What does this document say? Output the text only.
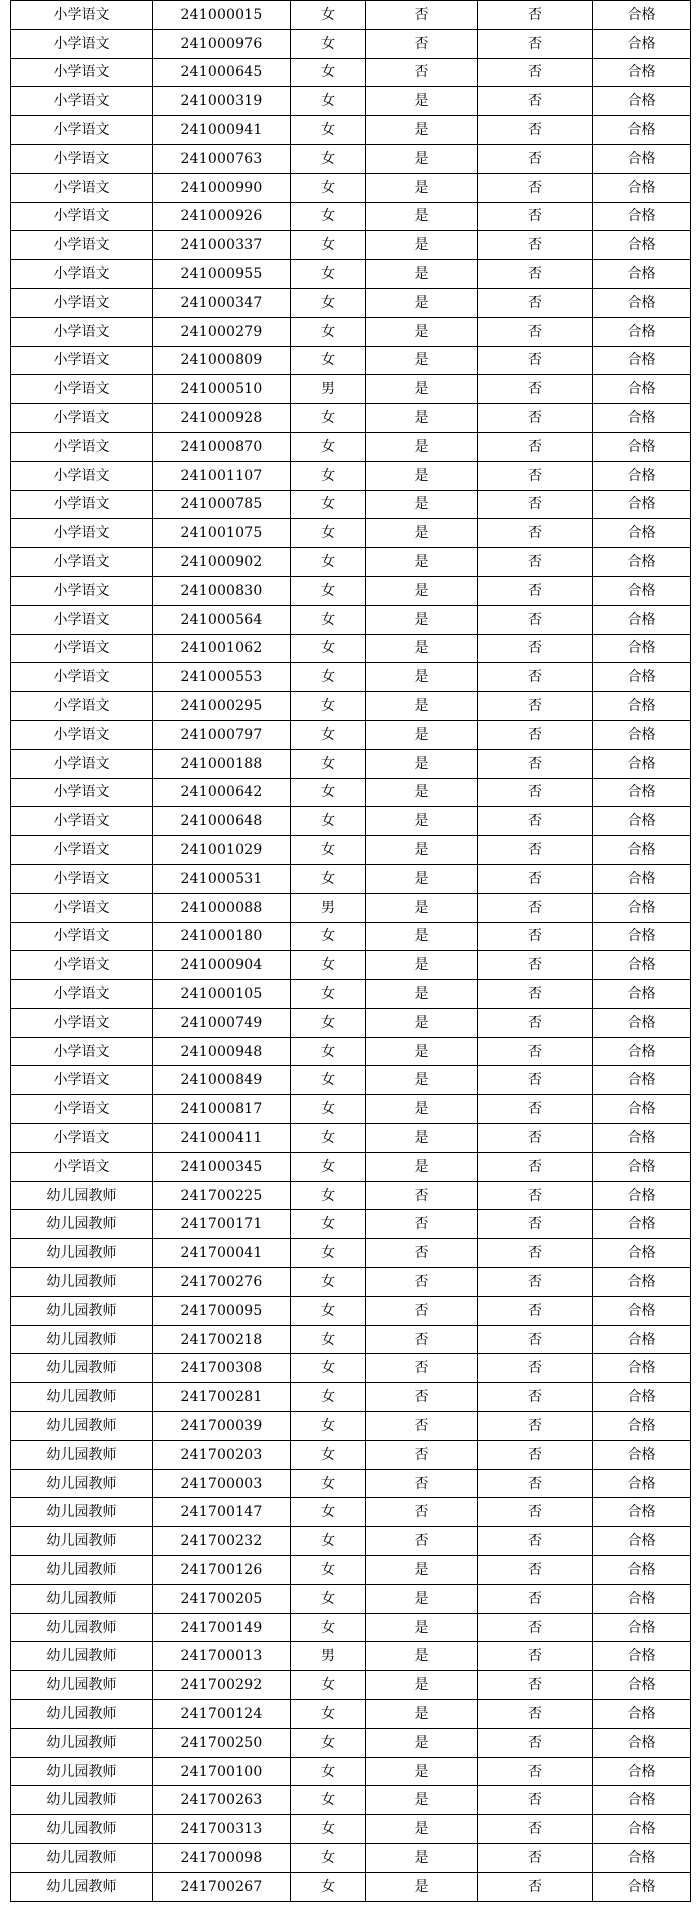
小学语文	241000015	女	否	否	合格
小学语文	241000976	女	否	否	合格
小学语文	241000645	女	否	否	合格
小学语文	241000319	女	是	否	合格
小学语文	241000941	女	是	否	合格
小学语文	241000763	女	是	否	合格
小学语文	241000990	女	是	否	合格
小学语文	241000926	女	是	否	合格
小学语文	241000337	女	是	否	合格
小学语文	241000955	女	是	否	合格
小学语文	241000347	女	是	否	合格
小学语文	241000279	女	是	否	合格
小学语文	241000809	女	是	否	合格
小学语文	241000510	男	是	否	合格
小学语文	241000928	女	是	否	合格
小学语文	241000870	女	是	否	合格
小学语文	241001107	女	是	否	合格
小学语文	241000785	女	是	否	合格
小学语文	241001075	女	是	否	合格
小学语文	241000902	女	是	否	合格
小学语文	241000830	女	是	否	合格
小学语文	241000564	女	是	否	合格
小学语文	241001062	女	是	否	合格
小学语文	241000553	女	是	否	合格
小学语文	241000295	女	是	否	合格
小学语文	241000797	女	是	否	合格
小学语文	241000188	女	是	否	合格
小学语文	241000642	女	是	否	合格
小学语文	241000648	女	是	否	合格
小学语文	241001029	女	是	否	合格
小学语文	241000531	女	是	否	合格
小学语文	241000088	男	是	否	合格
小学语文	241000180	女	是	否	合格
小学语文	241000904	女	是	否	合格
小学语文	241000105	女	是	否	合格
小学语文	241000749	女	是	否	合格
小学语文	241000948	女	是	否	合格
小学语文	241000849	女	是	否	合格
小学语文	241000817	女	是	否	合格
小学语文	241000411	女	是	否	合格
小学语文	241000345	女	是	否	合格
幼儿园教师	241700225	女	否	否	合格
幼儿园教师	241700171	女	否	否	合格
幼儿园教师	241700041	女	否	否	合格
幼儿园教师	241700276	女	否	否	合格
幼儿园教师	241700095	女	否	否	合格
幼儿园教师	241700218	女	否	否	合格
幼儿园教师	241700308	女	否	否	合格
幼儿园教师	241700281	女	否	否	合格
幼儿园教师	241700039	女	否	否	合格
幼儿园教师	241700203	女	否	否	合格
幼儿园教师	241700003	女	否	否	合格
幼儿园教师	241700147	女	否	否	合格
幼儿园教师	241700232	女	否	否	合格
幼儿园教师	241700126	女	是	否	合格
幼儿园教师	241700205	女	是	否	合格
幼儿园教师	241700149	女	是	否	合格
幼儿园教师	241700013	男	是	否	合格
幼儿园教师	241700292	女	是	否	合格
幼儿园教师	241700124	女	是	否	合格
幼儿园教师	241700250	女	是	否	合格
幼儿园教师	241700100	女	是	否	合格
幼儿园教师	241700263	女	是	否	合格
幼儿园教师	241700313	女	是	否	合格
幼儿园教师	241700098	女	是	否	合格
幼儿园教师	241700267	女	是	否	合格
